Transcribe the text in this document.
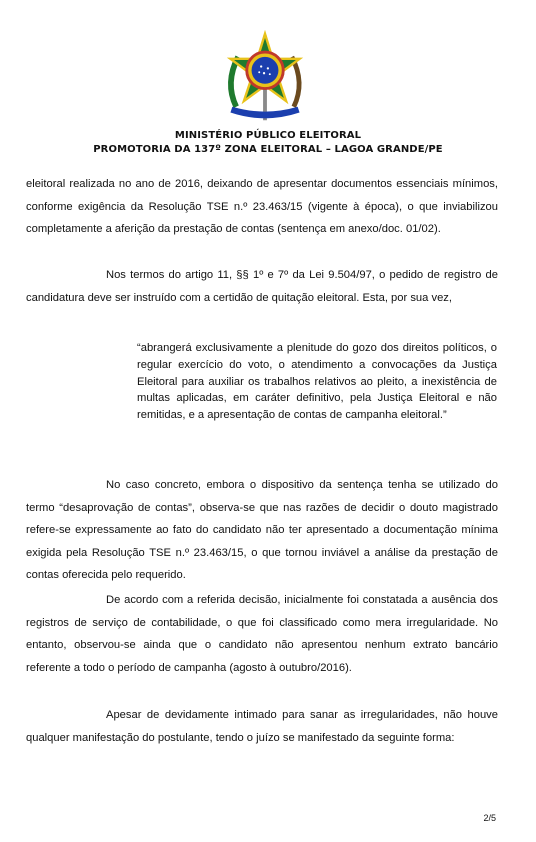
MINISTÉRIO PÚBLICO ELEITORAL
PROMOTORIA DA 137º ZONA ELEITORAL – LAGOA GRANDE/PE

eleitoral realizada no ano de 2016, deixando de apresentar documentos essenciais mínimos, conforme exigência da Resolução TSE n.º 23.463/15 (vigente à época), o que inviabilizou completamente a aferição da prestação de contas (sentença em anexo/doc. 01/02).

Nos termos do artigo 11, §§ 1º e 7º da Lei 9.504/97, o pedido de registro de candidatura deve ser instruído com a certidão de quitação eleitoral. Esta, por sua vez,

“abrangerá exclusivamente a plenitude do gozo dos direitos políticos, o regular exercício do voto, o atendimento a convocações da Justiça Eleitoral para auxiliar os trabalhos relativos ao pleito, a inexistência de multas aplicadas, em caráter definitivo, pela Justiça Eleitoral e não remitidas, e a apresentação de contas de campanha eleitoral.”

No caso concreto, embora o dispositivo da sentença tenha se utilizado do termo “desaprovação de contas”, observa-se que nas razões de decidir o douto magistrado refere-se expressamente ao fato do candidato não ter apresentado a documentação mínima exigida pela Resolução TSE n.º 23.463/15, o que tornou inviável a análise da prestação de contas oferecida pelo requerido.

De acordo com a referida decisão, inicialmente foi constatada a ausência dos registros de serviço de contabilidade, o que foi classificado como mera irregularidade. No entanto, observou-se ainda que o candidato não apresentou nenhum extrato bancário referente a todo o período de campanha (agosto à outubro/2016).

Apesar de devidamente intimado para sanar as irregularidades, não houve qualquer manifestação do postulante, tendo o juízo se manifestado da seguinte forma:

2/5
